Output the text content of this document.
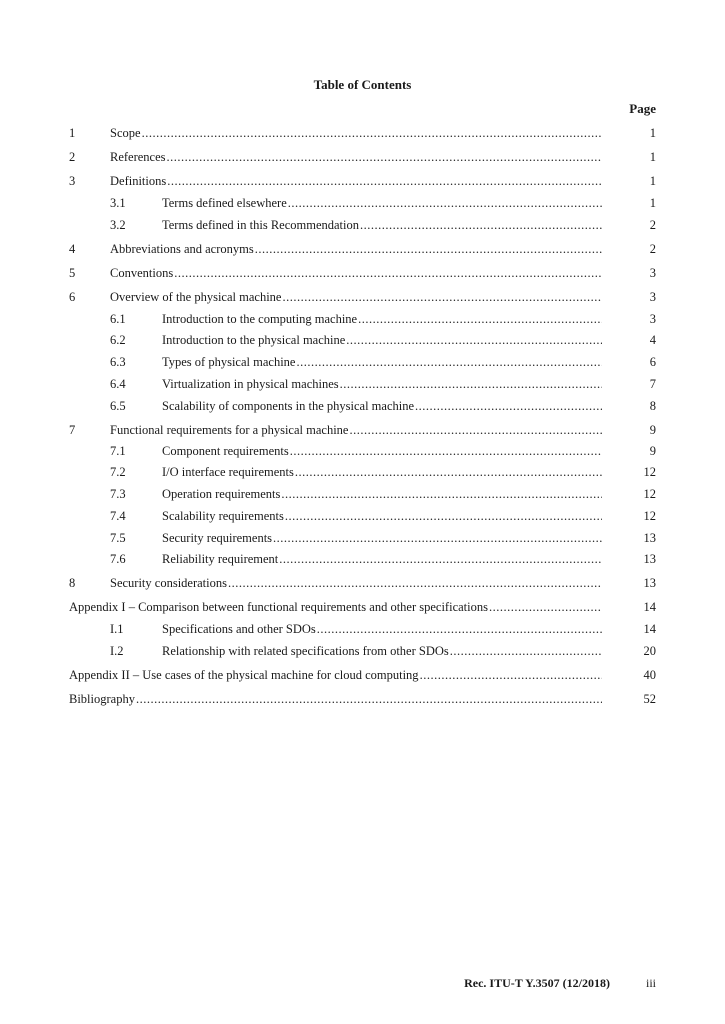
Table of Contents
Page
1	Scope .....	1
2	References .....	1
3	Definitions .....	1
3.1	Terms defined elsewhere .....	1
3.2	Terms defined in this Recommendation .....	2
4	Abbreviations and acronyms .....	2
5	Conventions .....	3
6	Overview of the physical machine .....	3
6.1	Introduction to the computing machine .....	3
6.2	Introduction to the physical machine .....	4
6.3	Types of physical machine .....	6
6.4	Virtualization in physical machines .....	7
6.5	Scalability of components in the physical machine .....	8
7	Functional requirements for a physical machine .....	9
7.1	Component requirements .....	9
7.2	I/O interface requirements .....	12
7.3	Operation requirements .....	12
7.4	Scalability requirements .....	12
7.5	Security requirements .....	13
7.6	Reliability requirement .....	13
8	Security considerations .....	13
Appendix I – Comparison between functional requirements and other specifications .....	14
I.1	Specifications and other SDOs .....	14
I.2	Relationship with related specifications from other SDOs .....	20
Appendix II – Use cases of the physical machine for cloud computing .....	40
Bibliography .....	52
Rec. ITU-T Y.3507 (12/2018)	iii
